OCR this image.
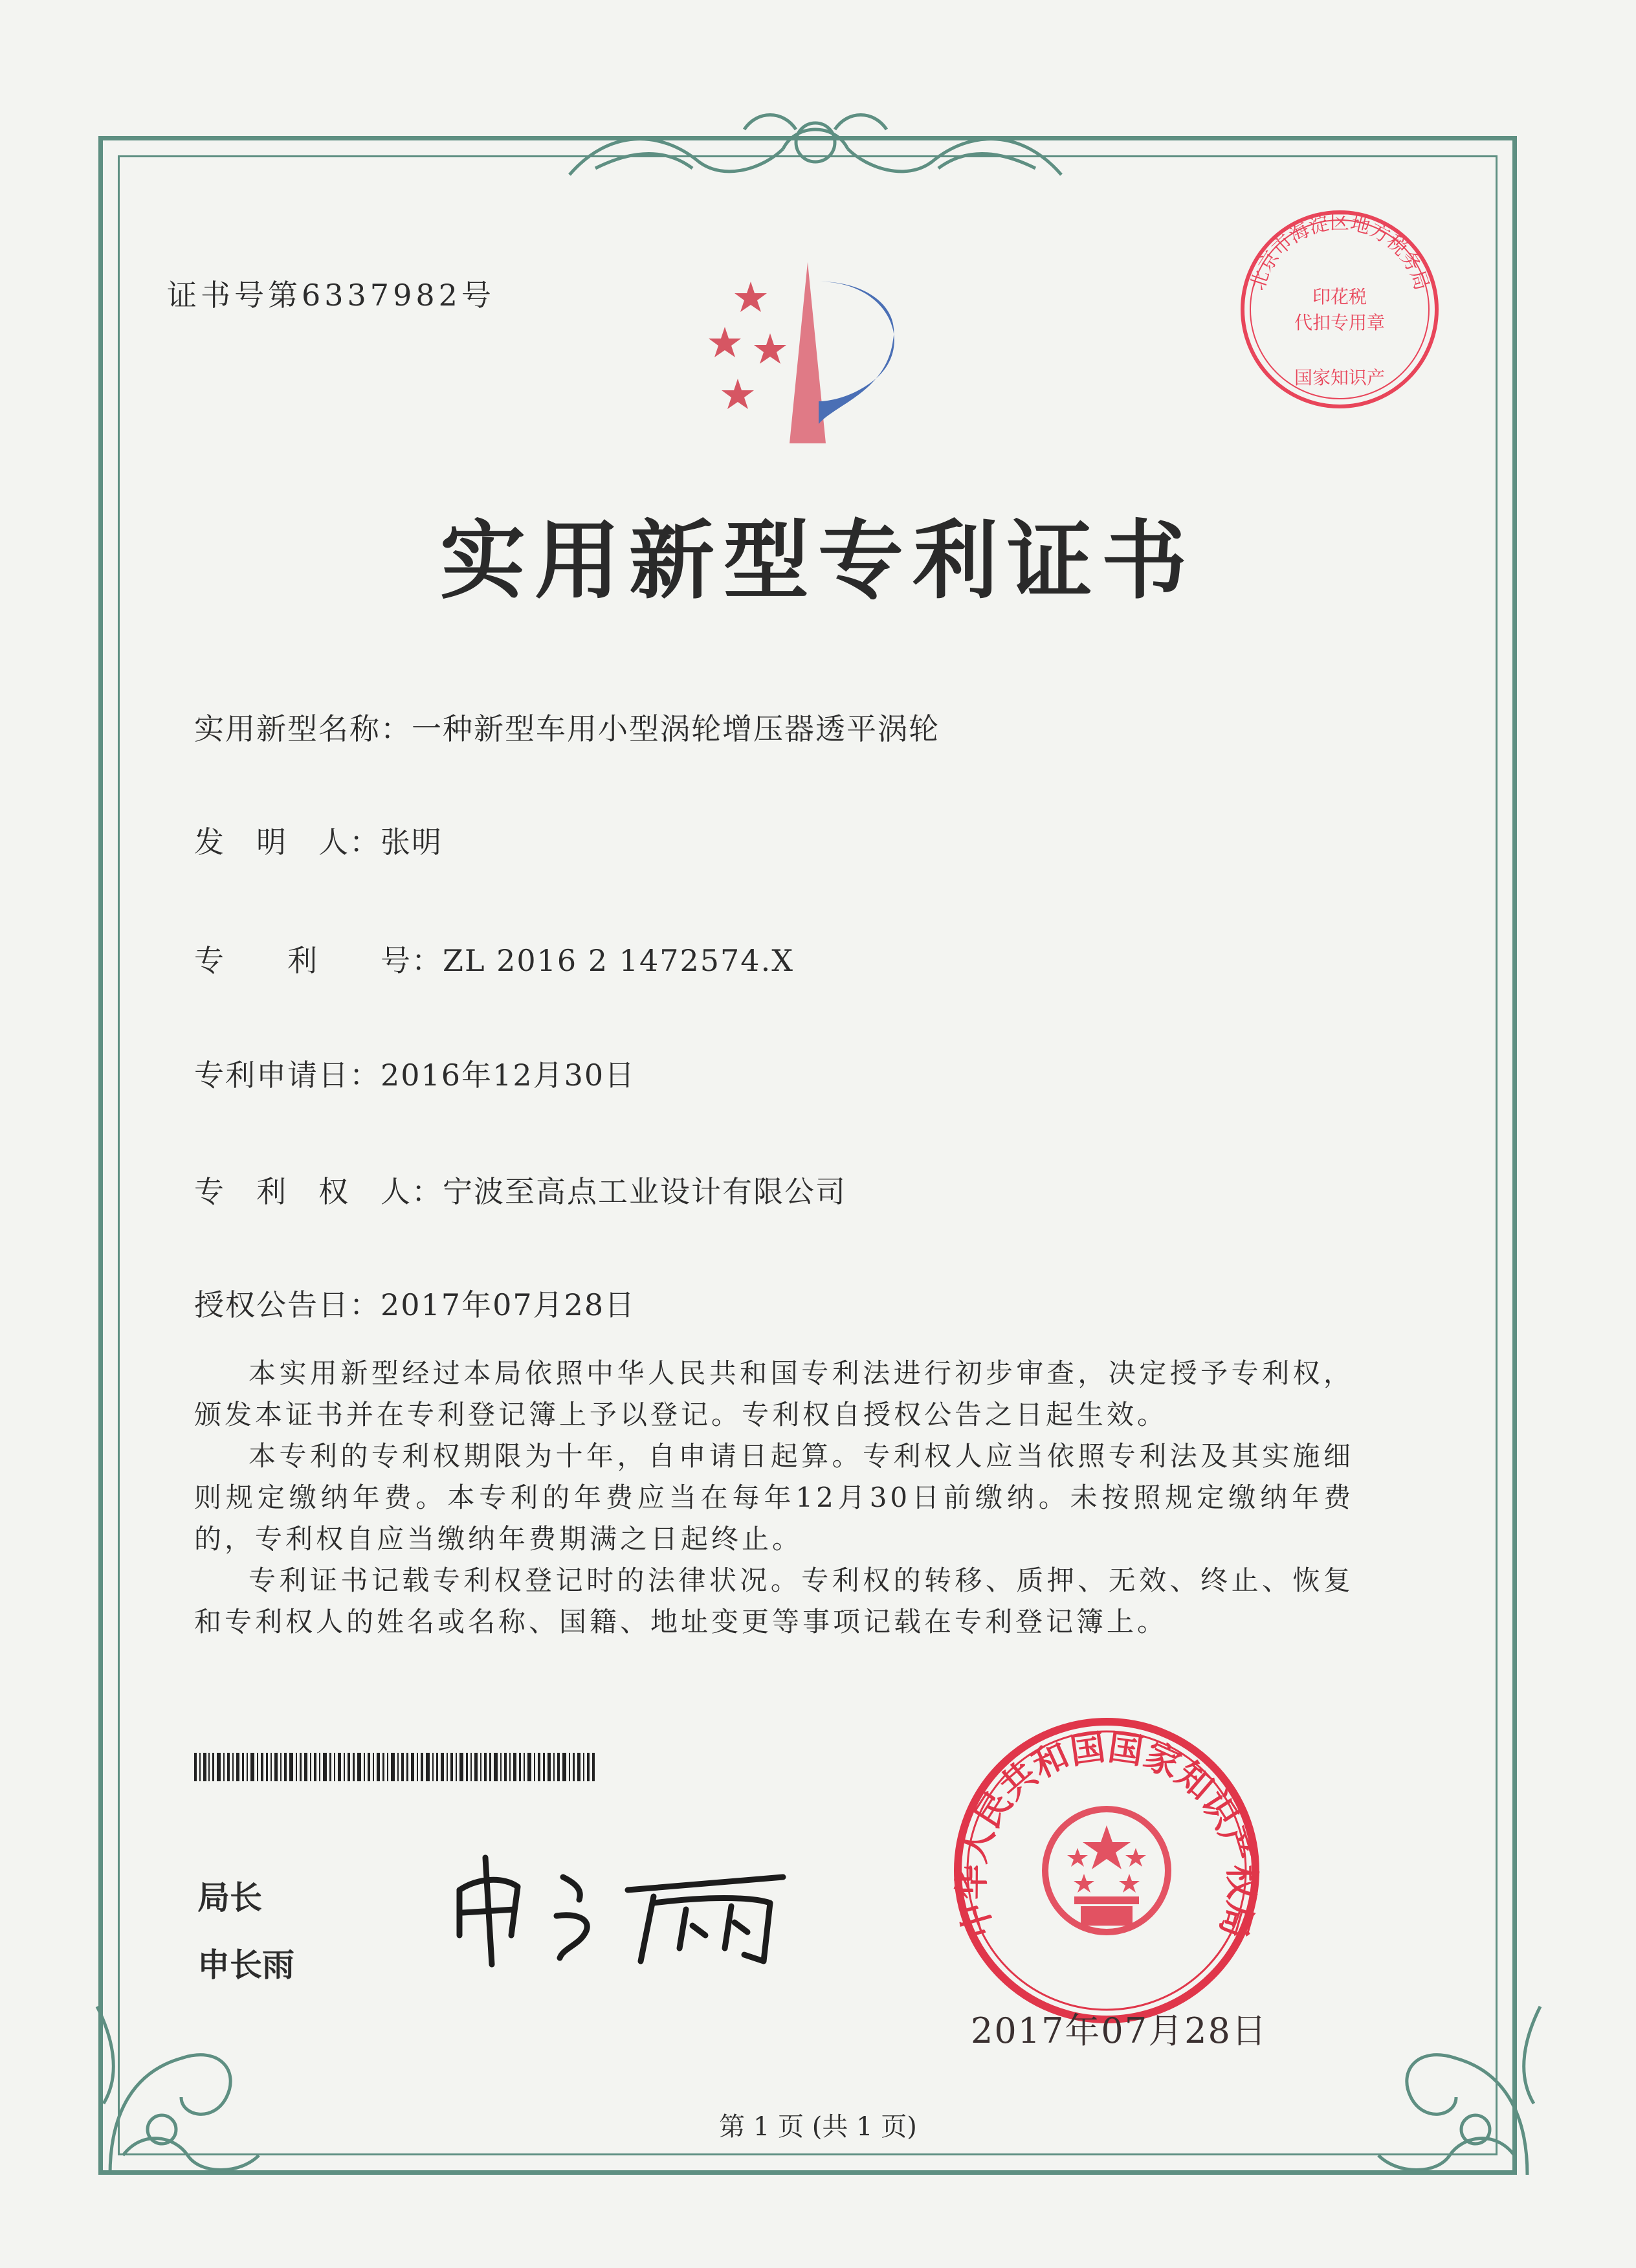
证书号第6337982号	北京市海淀区地方税务局
印花税
代扣专用章
国家知识产
实用新型专利证书
实用新型名称：一种新型车用小型涡轮增压器透平涡轮
发　明　人：张明
专　　利　　号：ZL 2016 2 1472574.X
专利申请日：2016年12月30日
专　利　权　人：宁波至高点工业设计有限公司
授权公告日：2017年07月28日

本实用新型经过本局依照中华人民共和国专利法进行初步审查，决定授予专利权，颁发本证书并在专利登记簿上予以登记。专利权自授权公告之日起生效。

本专利的专利权期限为十年，自申请日起算。专利权人应当依照专利法及其实施细则规定缴纳年费。本专利的年费应当在每年12月30日前缴纳。未按照规定缴纳年费的，专利权自应当缴纳年费期满之日起终止。

专利证书记载专利权登记时的法律状况。专利权的转移、质押、无效、终止、恢复和专利权人的姓名或名称、国籍、地址变更等事项记载在专利登记簿上。

局长
申长雨
中华人民共和国国家知识产权局
2017年07月28日
第 1 页 (共 1 页)
